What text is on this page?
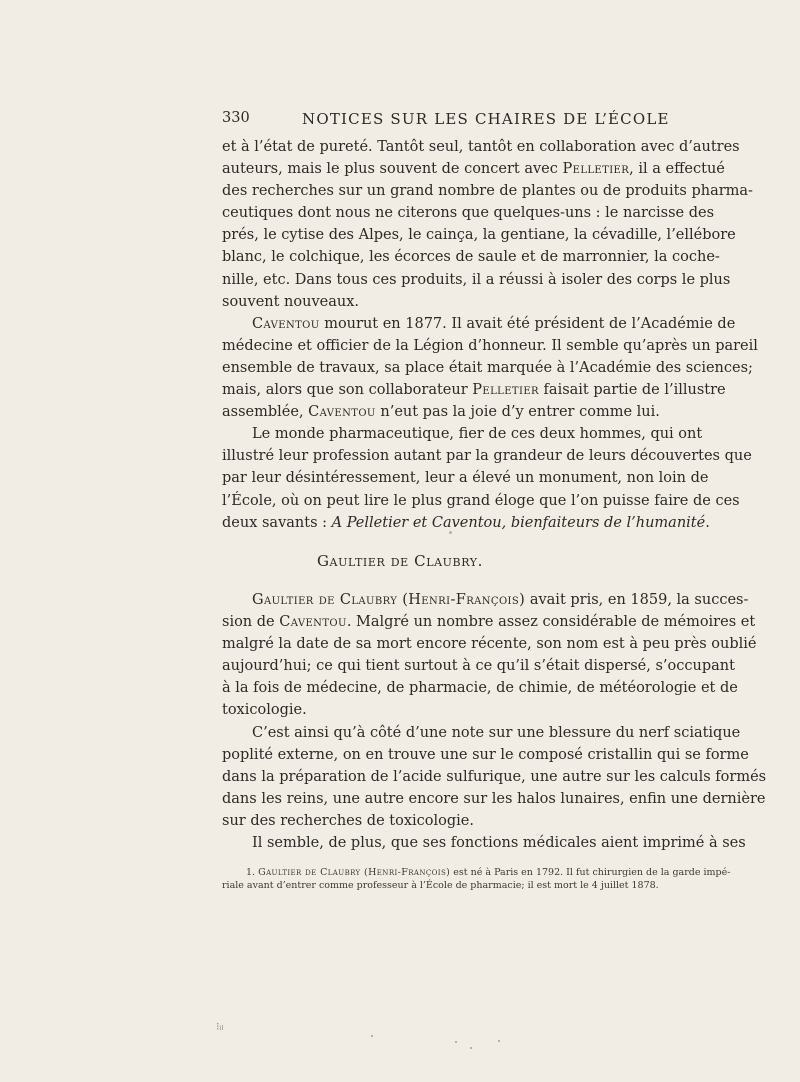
330	NOTICES SUR LES CHAIRES DE L’ÉCOLE
et à l’état de pureté. Tantôt seul, tantôt en collaboration avec d’autres
auteurs, mais le plus souvent de concert avec Pelletier, il a effectué
des recherches sur un grand nombre de plantes ou de produits pharma-
ceutiques dont nous ne citerons que quelques-uns : le narcisse des
prés, le cytise des Alpes, le cainça, la gentiane, la cévadille, l’ellébore
blanc, le colchique, les écorces de saule et de marronnier, la coche-
nille, etc. Dans tous ces produits, il a réussi à isoler des corps le plus
souvent nouveaux.
Caventou mourut en 1877. Il avait été président de l’Académie de
médecine et officier de la Légion d’honneur. Il semble qu’après un pareil
ensemble de travaux, sa place était marquée à l’Académie des sciences;
mais, alors que son collaborateur Pelletier faisait partie de l’illustre
assemblée, Caventou n’eut pas la joie d’y entrer comme lui.
Le monde pharmaceutique, fier de ces deux hommes, qui ont
illustré leur profession autant par la grandeur de leurs découvertes que
par leur désintéressement, leur a élevé un monument, non loin de
l’École, où on peut lire le plus grand éloge que l’on puisse faire de ces
deux savants : A Pelletier et Caventou, bienfaiteurs de l’humanité.
Gaultier de Claubry.
Gaultier de Claubry (Henri-François) avait pris, en 1859, la succes-
sion de Caventou. Malgré un nombre assez considérable de mémoires et
malgré la date de sa mort encore récente, son nom est à peu près oublié
aujourd’hui; ce qui tient surtout à ce qu’il s’était dispersé, s’occupant
à la fois de médecine, de pharmacie, de chimie, de météorologie et de
toxicologie.
C’est ainsi qu’à côté d’une note sur une blessure du nerf sciatique
poplité externe, on en trouve une sur le composé cristallin qui se forme
dans la préparation de l’acide sulfurique, une autre sur les calculs formés
dans les reins, une autre encore sur les halos lunaires, enfin une dernière
sur des recherches de toxicologie.
Il semble, de plus, que ses fonctions médicales aient imprimé à ses
1. Gaultier de Claubry (Henri-François) est né à Paris en 1792. Il fut chirurgien de la garde impé-
riale avant d’entrer comme professeur à l’École de pharmacie; il est mort le 4 juillet 1878.
⁝ᵢₗ
